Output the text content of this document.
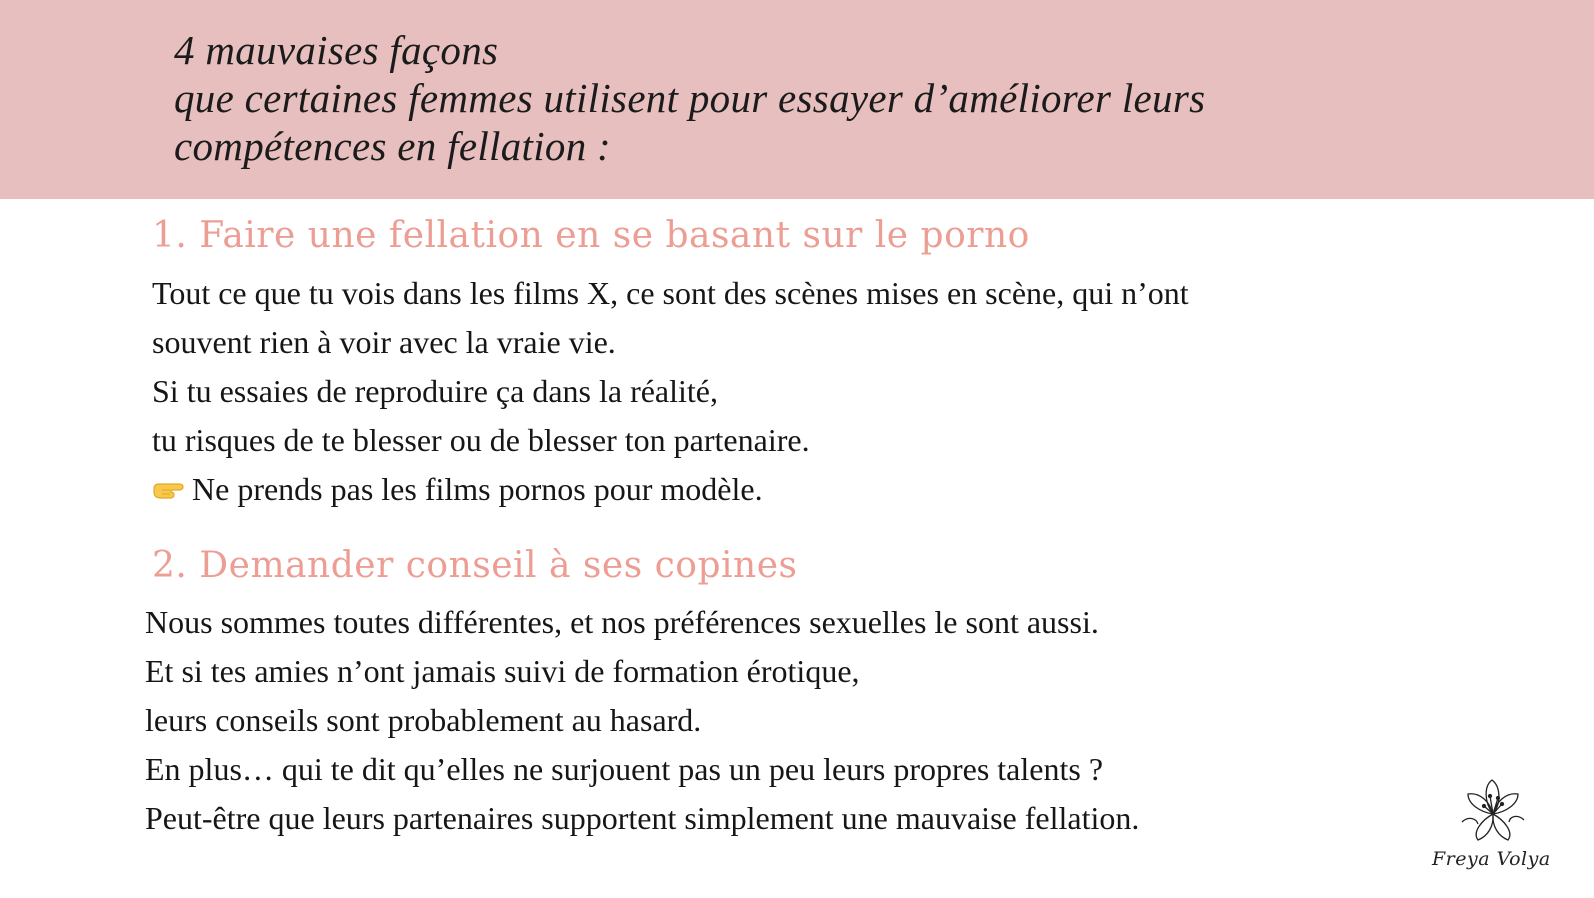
4 mauvaises façons
que certaines femmes utilisent pour essayer d’améliorer leurs
compétences en fellation :
1. Faire une fellation en se basant sur le porno
Tout ce que tu vois dans les films X, ce sont des scènes mises en scène, qui n’ont
souvent rien à voir avec la vraie vie.
Si tu essaies de reproduire ça dans la réalité,
tu risques de te blesser ou de blesser ton partenaire.
Ne prends pas les films pornos pour modèle.
2. Demander conseil à ses copines
Nous sommes toutes différentes, et nos préférences sexuelles le sont aussi.
Et si tes amies n’ont jamais suivi de formation érotique,
leurs conseils sont probablement au hasard.
En plus… qui te dit qu’elles ne surjouent pas un peu leurs propres talents ?
Peut-être que leurs partenaires supportent simplement une mauvaise fellation.
Freya Volya
